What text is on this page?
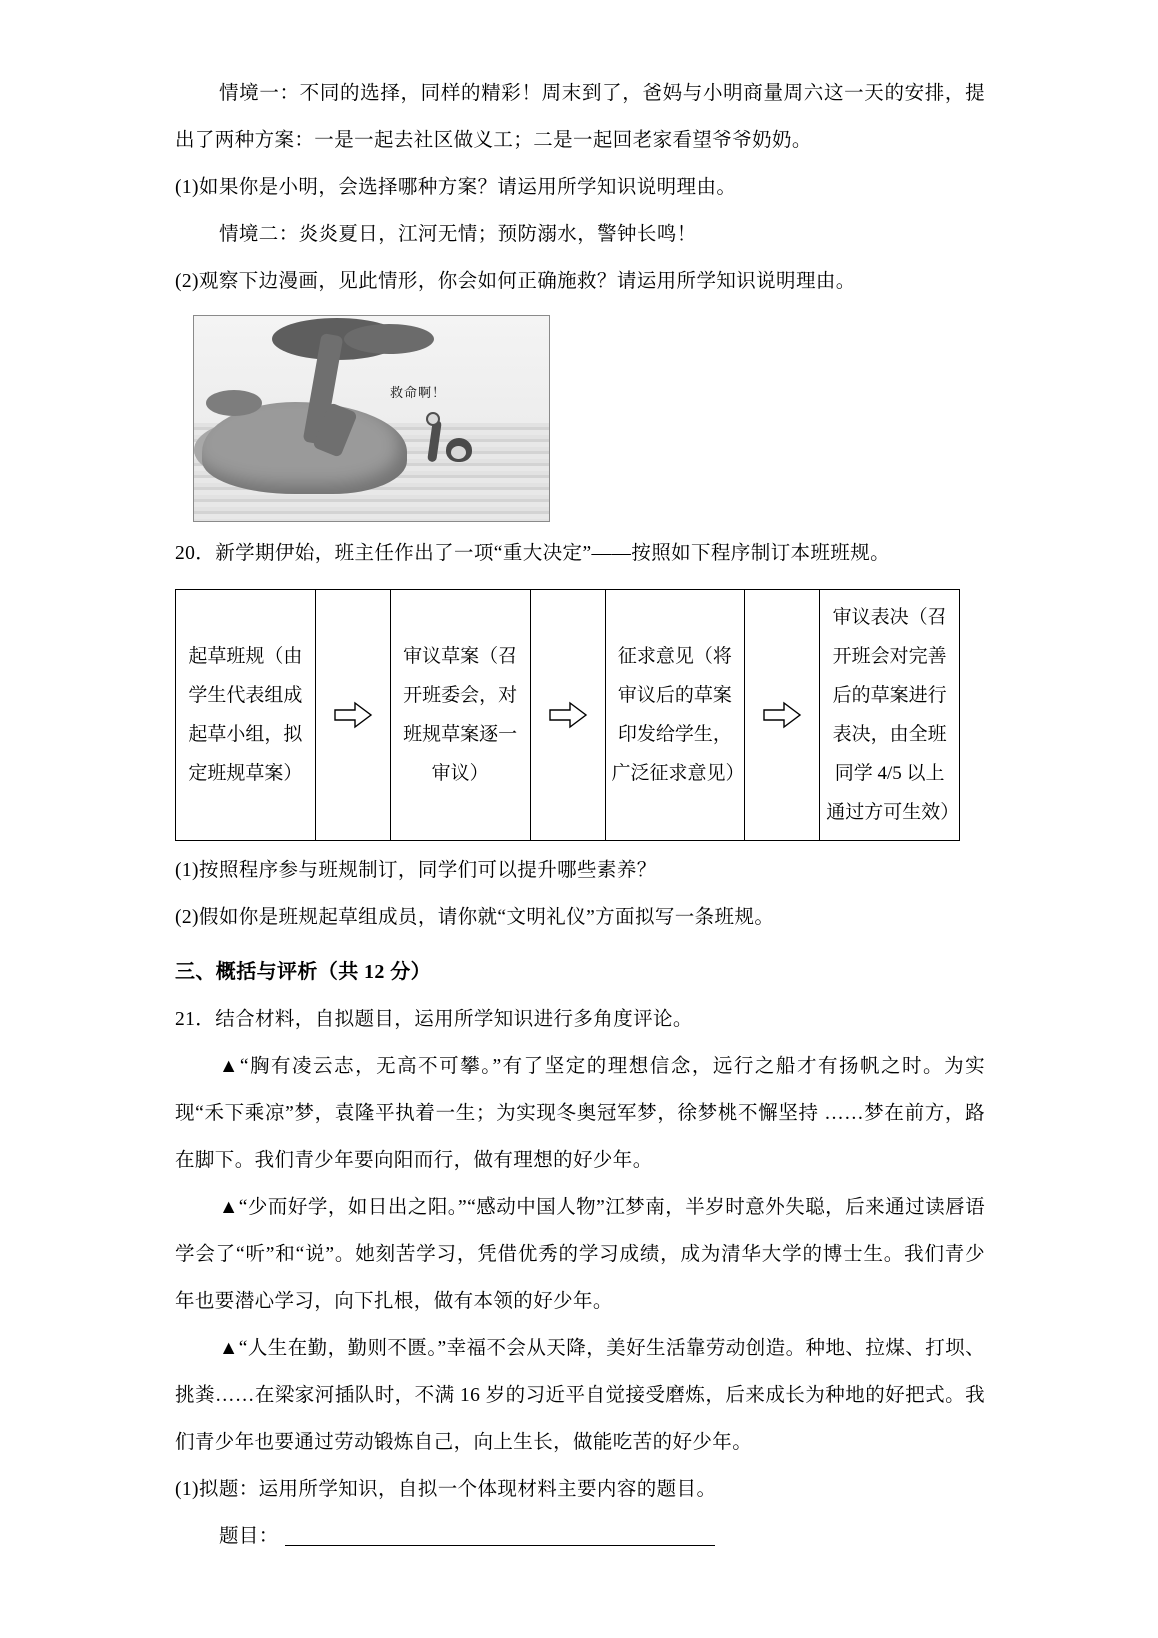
情境一：不同的选择，同样的精彩！周末到了，爸妈与小明商量周六这一天的安排，提出了两种方案：一是一起去社区做义工；二是一起回老家看望爷爷奶奶。

(1)如果你是小明，会选择哪种方案？请运用所学知识说明理由。

情境二：炎炎夏日，江河无情；预防溺水，警钟长鸣！

(2)观察下边漫画，见此情形，你会如何正确施救？请运用所学知识说明理由。

救命啊！

20．新学期伊始，班主任作出了一项“重大决定”——按照如下程序制订本班班规。

起草班规（由学生代表组成起草小组，拟定班规草案）

审议草案（召开班委会，对班规草案逐一审议）

征求意见（将审议后的草案印发给学生，广泛征求意见）

审议表决（召开班会对完善后的草案进行表决，由全班同学 4/5 以上通过方可生效）

(1)按照程序参与班规制订，同学们可以提升哪些素养？

(2)假如你是班规起草组成员，请你就“文明礼仪”方面拟写一条班规。

三、概括与评析（共 12 分）

21．结合材料，自拟题目，运用所学知识进行多角度评论。

▲“胸有凌云志，无高不可攀。”有了坚定的理想信念，远行之船才有扬帆之时。为实现“禾下乘凉”梦，袁隆平执着一生；为实现冬奥冠军梦，徐梦桃不懈坚持 ……梦在前方，路在脚下。我们青少年要向阳而行，做有理想的好少年。

▲“少而好学，如日出之阳。”“感动中国人物”江梦南，半岁时意外失聪，后来通过读唇语学会了“听”和“说”。她刻苦学习，凭借优秀的学习成绩，成为清华大学的博士生。我们青少年也要潜心学习，向下扎根，做有本领的好少年。

▲“人生在勤，勤则不匮。”幸福不会从天降，美好生活靠劳动创造。种地、拉煤、打坝、挑粪……在梁家河插队时，不满 16 岁的习近平自觉接受磨炼，后来成长为种地的好把式。我们青少年也要通过劳动锻炼自己，向上生长，做能吃苦的好少年。

(1)拟题：运用所学知识，自拟一个体现材料主要内容的题目。

题目：
